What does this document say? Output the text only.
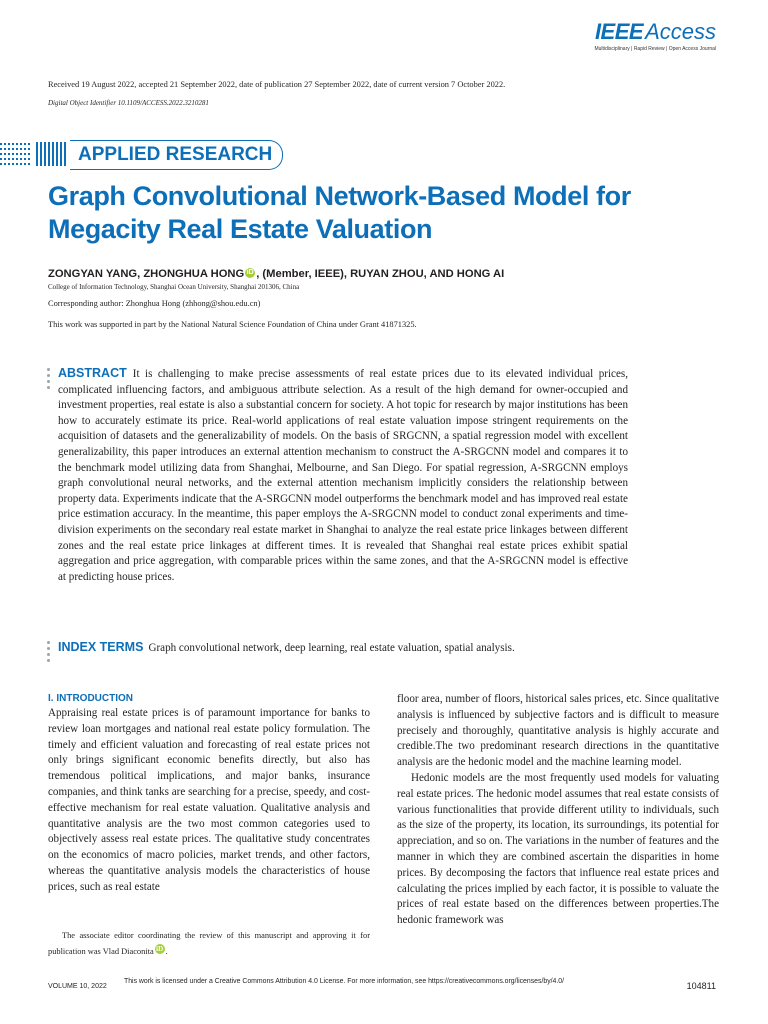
IEEEAccess
Multidisciplinary | Rapid Review | Open Access Journal
Received 19 August 2022, accepted 21 September 2022, date of publication 27 September 2022, date of current version 7 October 2022.
Digital Object Identifier 10.1109/ACCESS.2022.3210281
APPLIED RESEARCH
Graph Convolutional Network-Based Model for Megacity Real Estate Valuation
ZONGYAN YANG, ZHONGHUA HONG iD , (Member, IEEE), RUYAN ZHOU, AND HONG AI
College of Information Technology, Shanghai Ocean University, Shanghai 201306, China
Corresponding author: Zhonghua Hong (zhhong@shou.edu.cn)
This work was supported in part by the National Natural Science Foundation of China under Grant 41871325.
ABSTRACT It is challenging to make precise assessments of real estate prices due to its elevated individual prices, complicated influencing factors, and ambiguous attribute selection. As a result of the high demand for owner-occupied and investment properties, real estate is also a substantial concern for society. A hot topic for research by major institutions has been how to accurately estimate its price. Real-world applications of real estate valuation impose stringent requirements on the acquisition of datasets and the generalizability of models. On the basis of SRGCNN, a spatial regression model with excellent generalizability, this paper introduces an external attention mechanism to construct the A-SRGCNN model and compares it to the benchmark model utilizing data from Shanghai, Melbourne, and San Diego. For spatial regression, A-SRGCNN employs graph convolutional neural networks, and the external attention mechanism implicitly considers the relationship between property data. Experiments indicate that the A-SRGCNN model outperforms the benchmark model and has improved real estate price estimation accuracy. In the meantime, this paper employs the A-SRGCNN model to conduct zonal experiments and time-division experiments on the secondary real estate market in Shanghai to analyze the real estate price linkages between different zones and the real estate price linkages at different times. It is revealed that Shanghai real estate prices exhibit spatial aggregation and price aggregation, with comparable prices within the same zones, and that the A-SRGCNN model is effective at predicting house prices.
INDEX TERMS Graph convolutional network, deep learning, real estate valuation, spatial analysis.
I. INTRODUCTION

Appraising real estate prices is of paramount importance for banks to review loan mortgages and national real estate policy formulation. The timely and efficient valuation and forecasting of real estate prices not only brings significant economic benefits directly, but also has tremendous political implications, and major banks, insurance companies, and think tanks are searching for a precise, speedy, and cost-effective mechanism for real estate valuation. Qualitative analysis and quantitative analysis are the two most common categories used to objectively assess real estate prices. The qualitative study concentrates on the economics of macro policies, market trends, and other factors, whereas the quantitative analysis models the characteristics of house prices, such as real estate

floor area, number of floors, historical sales prices, etc. Since qualitative analysis is influenced by subjective factors and is difficult to measure precisely and thoroughly, quantitative analysis is highly accurate and credible.The two predominant research directions in the quantitative analysis are the hedonic model and the machine learning model.

Hedonic models are the most frequently used models for valuating real estate prices. The hedonic model assumes that real estate consists of various functionalities that provide different utility to individuals, such as the size of the property, its location, its surroundings, its potential for appreciation, and so on. The variations in the number of features and the manner in which they are combined ascertain the disparities in home prices. By decomposing the factors that influence real estate prices and calculating the prices implied by each factor, it is possible to valuate the prices of real estate based on the differences between properties.The hedonic framework was

The associate editor coordinating the review of this manuscript and approving it for publication was Vlad Diaconita iD .
VOLUME 10, 2022
This work is licensed under a Creative Commons Attribution 4.0 License. For more information, see https://creativecommons.org/licenses/by/4.0/	104811
